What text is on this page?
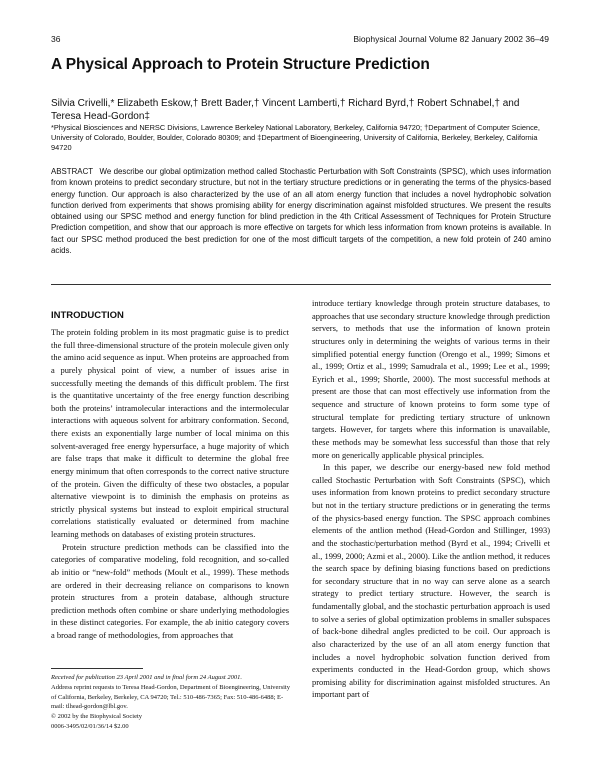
36	Biophysical Journal Volume 82 January 2002 36–49
A Physical Approach to Protein Structure Prediction
Silvia Crivelli,* Elizabeth Eskow,† Brett Bader,† Vincent Lamberti,† Richard Byrd,† Robert Schnabel,† and Teresa Head-Gordon‡
*Physical Biosciences and NERSC Divisions, Lawrence Berkeley National Laboratory, Berkeley, California 94720; †Department of Computer Science, University of Colorado, Boulder, Boulder, Colorado 80309; and ‡Department of Bioengineering, University of California, Berkeley, Berkeley, California 94720
ABSTRACT We describe our global optimization method called Stochastic Perturbation with Soft Constraints (SPSC), which uses information from known proteins to predict secondary structure, but not in the tertiary structure predictions or in generating the terms of the physics-based energy function. Our approach is also characterized by the use of an all atom energy function that includes a novel hydrophobic solvation function derived from experiments that shows promising ability for energy discrimination against misfolded structures. We present the results obtained using our SPSC method and energy function for blind prediction in the 4th Critical Assessment of Techniques for Protein Structure Prediction competition, and show that our approach is more effective on targets for which less information from known proteins is available. In fact our SPSC method produced the best prediction for one of the most difficult targets of the competition, a new fold protein of 240 amino acids.
INTRODUCTION

The protein folding problem in its most pragmatic guise is to predict the full three-dimensional structure of the protein molecule given only the amino acid sequence as input. When proteins are approached from a purely physical point of view, a number of issues arise in successfully meeting the demands of this difficult problem. The first is the quantitative uncertainty of the free energy function describing both the proteins’ intramolecular interactions and the intermolecular interactions with aqueous solvent for arbitrary conformation. Second, there exists an exponentially large number of local minima on this solvent-averaged free energy hypersurface, a huge majority of which are false traps that make it difficult to determine the global free energy minimum that often corresponds to the correct native structure of the protein. Given the difficulty of these two obstacles, a popular alternative viewpoint is to diminish the emphasis on proteins as strictly physical systems but instead to exploit empirical structural correlations statistically evaluated or determined from machine learning methods on databases of existing protein structures.

Protein structure prediction methods can be classified into the categories of comparative modeling, fold recognition, and so-called ab initio or “new-fold” methods (Moult et al., 1999). These methods are ordered in their decreasing reliance on comparisons to known protein structures from a protein database, although structure prediction methods often combine or share underlying methodologies in these distinct categories. For example, the ab initio category covers a broad range of methodologies, from approaches that

introduce tertiary knowledge through protein structure databases, to approaches that use secondary structure knowledge through prediction servers, to methods that use the information of known protein structures only in determining the weights of various terms in their simplified potential energy function (Orengo et al., 1999; Simons et al., 1999; Ortiz et al., 1999; Samudrala et al., 1999; Lee et al., 1999; Eyrich et al., 1999; Shortle, 2000). The most successful methods at present are those that can most effectively use information from the sequence and structure of known proteins to form some type of structural template for predicting tertiary structure of unknown targets. However, for targets where this information is unavailable, these methods may be somewhat less successful than those that rely more on generically applicable physical principles.

In this paper, we describe our energy-based new fold method called Stochastic Perturbation with Soft Constraints (SPSC), which uses information from known proteins to predict secondary structure but not in the tertiary structure predictions or in generating the terms of the physics-based energy function. The SPSC approach combines elements of the antlion method (Head-Gordon and Stillinger, 1993) and the stochastic/perturbation method (Byrd et al., 1994; Crivelli et al., 1999, 2000; Azmi et al., 2000). Like the antlion method, it reduces the search space by defining biasing functions based on predictions for secondary structure that in no way can serve alone as a search strategy to predict tertiary structure. However, the search is fundamentally global, and the stochastic perturbation approach is used to solve a series of global optimization problems in smaller subspaces of back-bone dihedral angles predicted to be coil. Our approach is also characterized by the use of an all atom energy function that includes a novel hydrophobic solvation function derived from experiments conducted in the Head-Gordon group, which shows promising ability for discrimination against misfolded structures. An important part of

Received for publication 23 April 2001 and in final form 24 August 2001.
Address reprint requests to Teresa Head-Gordon, Department of Bioengineering, University of California, Berkeley, Berkeley, CA 94720; Tel.: 510-486-7365; Fax: 510-486-6488; E-mail: tlhead-gordon@lbl.gov.
© 2002 by the Biophysical Society
0006-3495/02/01/36/14 $2.00
